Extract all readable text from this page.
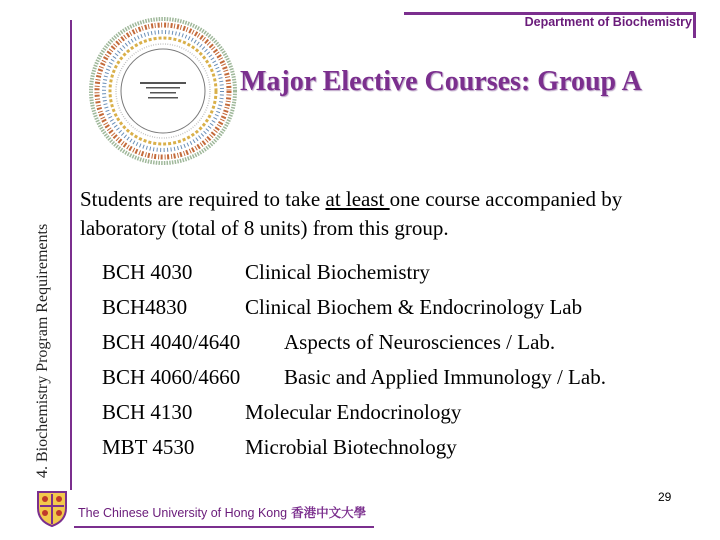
Department of Biochemistry
Major Elective Courses: Group A
4. Biochemistry Program Requirements
Students are required to take at least one course accompanied by laboratory (total of 8 units) from this group.
BCH 4030	Clinical Biochemistry
BCH4830	Clinical Biochem & Endocrinology Lab
BCH 4040/4640 Aspects of Neurosciences / Lab.
BCH 4060/4660 Basic and Applied Immunology / Lab.
BCH 4130	Molecular Endocrinology
MBT 4530 Microbial Biotechnology
The Chinese University of Hong Kong 香港中文大學
29
